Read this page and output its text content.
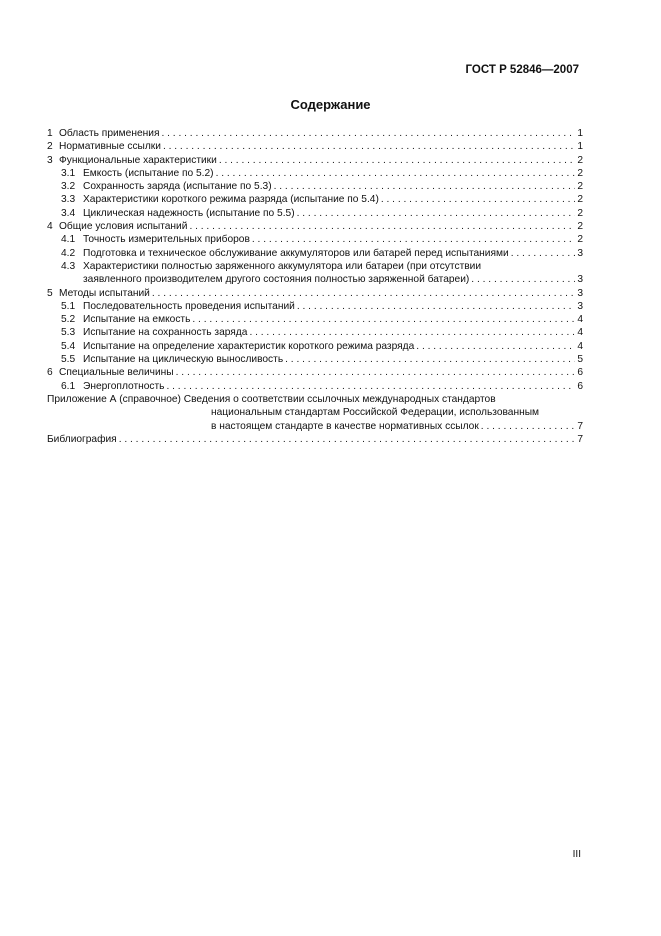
ГОСТ Р 52846—2007
Содержание
1 Область применения . . .	1
2 Нормативные ссылки . . .	1
3 Функциональные характеристики . . .	2
3.1 Емкость (испытание по 5.2) . . .	2
3.2 Сохранность заряда (испытание по 5.3) . . .	2
3.3 Характеристики короткого режима разряда (испытание по 5.4) . . .	2
3.4 Циклическая надежность (испытание по 5.5) . . .	2
4 Общие условия испытаний . . .	2
4.1 Точность измерительных приборов . . .	2
4.2 Подготовка и техническое обслуживание аккумуляторов или батарей перед испытаниями . . .	3
4.3 Характеристики полностью заряженного аккумулятора или батареи (при отсутствии
заявленного производителем другого состояния полностью заряженной батареи) . . .	3
5 Методы испытаний . . .	3
5.1 Последовательность проведения испытаний . . .	3
5.2 Испытание на емкость . . .	4
5.3 Испытание на сохранность заряда . . .	4
5.4 Испытание на определение характеристик короткого режима разряда . . .	4
5.5 Испытание на циклическую выносливость . . .	5
6 Специальные величины . . .	6
6.1 Энергоплотность . . .	6
Приложение А (справочное) Сведения о соответствии ссылочных международных стандартов
национальным стандартам Российской Федерации, использованным
в настоящем стандарте в качестве нормативных ссылок . . .	7
Библиография . . .	7
III
